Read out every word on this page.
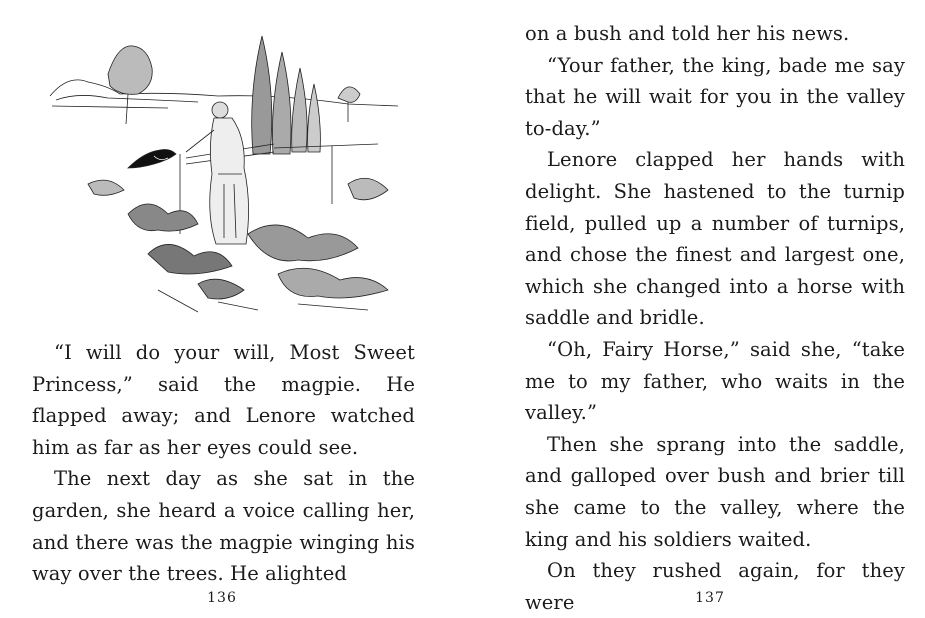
“I will do your will, Most Sweet Princess,” said the magpie. He flapped away; and Lenore watched him as far as her eyes could see.

The next day as she sat in the garden, she heard a voice calling her, and there was the magpie winging his way over the trees. He alighted

136

on a bush and told her his news.

“Your father, the king, bade me say that he will wait for you in the valley to-day.”

Lenore clapped her hands with delight. She hastened to the turnip field, pulled up a number of turnips, and chose the finest and largest one, which she changed into a horse with saddle and bridle.

“Oh, Fairy Horse,” said she, “take me to my father, who waits in the valley.”

Then she sprang into the saddle, and galloped over bush and brier till she came to the valley, where the king and his soldiers waited.

On they rushed again, for they were	137
